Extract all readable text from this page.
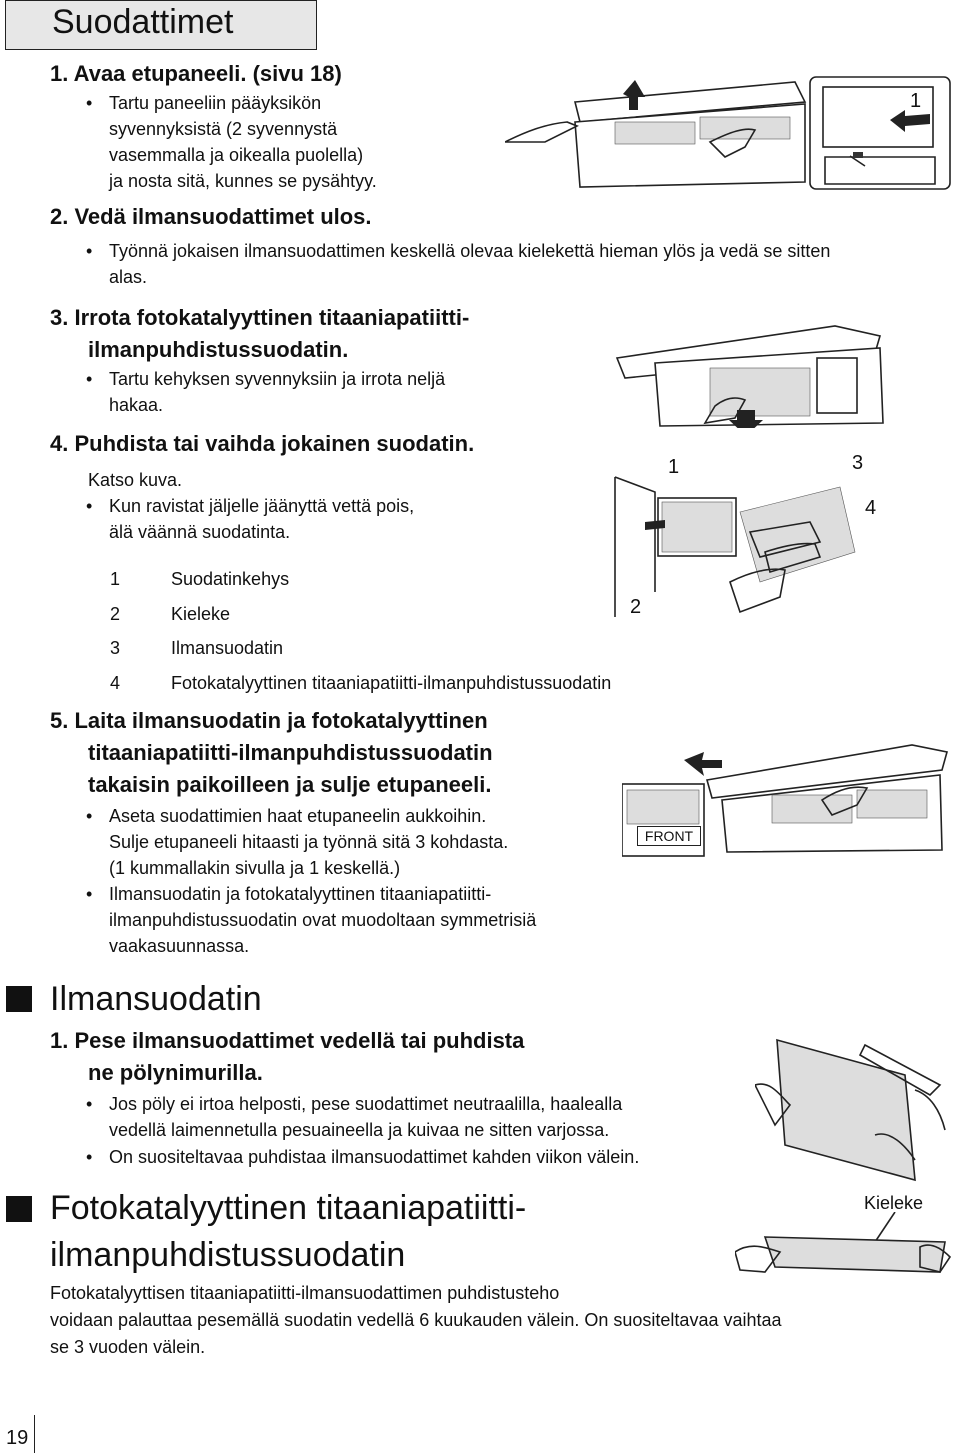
Suodattimet
1. Avaa etupaneeli. (sivu 18)
• Tartu paneeliin pääyksikön
syvennyksistä (2 syvennystä
vasemmalla ja oikealla puolella)
ja nosta sitä, kunnes se pysähtyy.
2. Vedä ilmansuodattimet ulos.
• Työnnä jokaisen ilmansuodattimen keskellä olevaa kielekettä hieman ylös ja vedä se sitten
alas.
3. Irrota fotokatalyyttinen titaaniapatiitti-
ilmanpuhdistussuodatin.
• Tartu kehyksen syvennyksiin ja irrota neljä
hakaa.
4. Puhdista tai vaihda jokainen suodatin.
Katso kuva.
• Kun ravistat jäljelle jäänyttä vettä pois,
älä väännä suodatinta.
1	Suodatinkehys
2	Kieleke
3	Ilmansuodatin
4	Fotokatalyyttinen titaaniapatiitti-ilmanpuhdistussuodatin
5. Laita ilmansuodatin ja fotokatalyyttinen
titaaniapatiitti-ilmanpuhdistussuodatin
takaisin paikoilleen ja sulje etupaneeli.
• Aseta suodattimien haat etupaneelin aukkoihin.
Sulje etupaneeli hitaasti ja työnnä sitä 3 kohdasta.
(1 kummallakin sivulla ja 1 keskellä.)
• Ilmansuodatin ja fotokatalyyttinen titaaniapatiitti-
ilmanpuhdistussuodatin ovat muodoltaan symmetrisiä
vaakasuunnassa.
Ilmansuodatin
1. Pese ilmansuodattimet vedellä tai puhdista
ne pölynimurilla.
• Jos pöly ei irtoa helposti, pese suodattimet neutraalilla, haalealla
vedellä laimennetulla pesuaineella ja kuivaa ne sitten varjossa.
• On suositeltavaa puhdistaa ilmansuodattimet kahden viikon välein.
Fotokatalyyttinen titaaniapatiitti-
ilmanpuhdistussuodatin
Fotokatalyyttisen titaaniapatiitti-ilmansuodattimen puhdistusteho
voidaan palauttaa pesemällä suodatin vedellä 6 kuukauden välein. On suositeltavaa vaihtaa
se 3 vuoden välein.
19
1
1	3
4
2
FRONT
Kieleke
